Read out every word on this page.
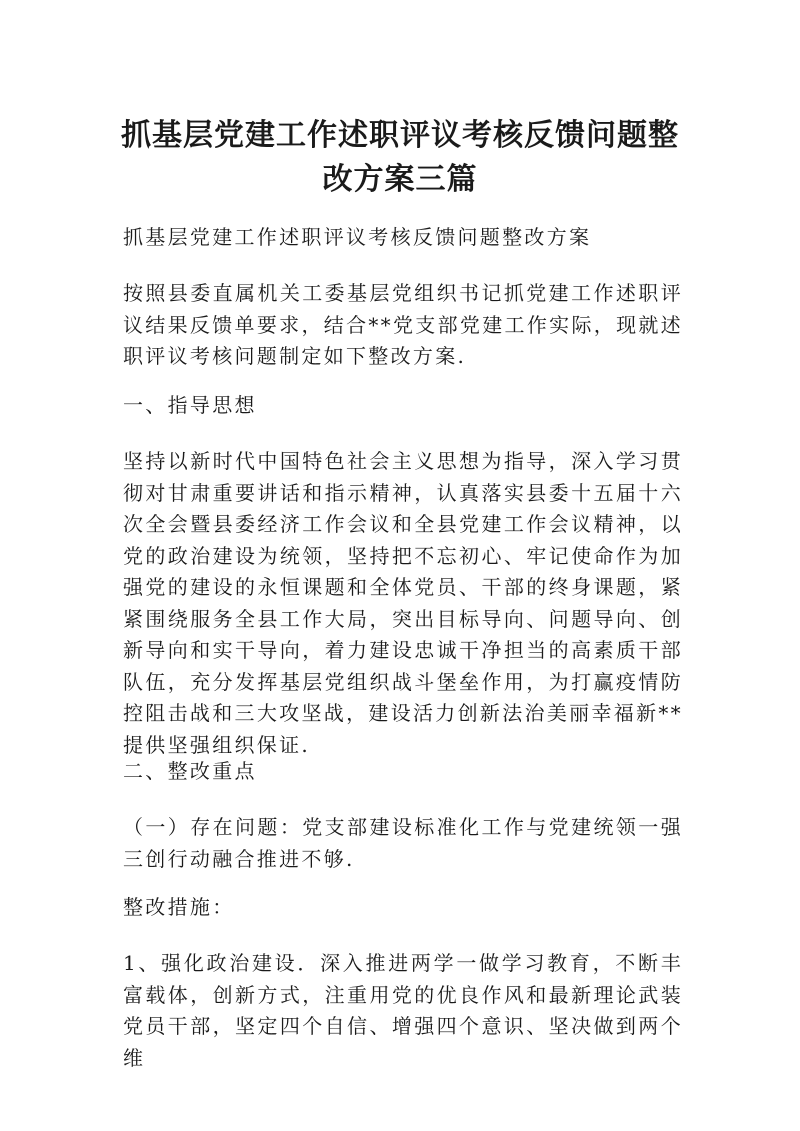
抓基层党建工作述职评议考核反馈问题整改方案三篇

抓基层党建工作述职评议考核反馈问题整改方案

按照县委直属机关工委基层党组织书记抓党建工作述职评议结果反馈单要求，结合**党支部党建工作实际，现就述职评议考核问题制定如下整改方案.

一、指导思想

坚持以新时代中国特色社会主义思想为指导，深入学习贯彻对甘肃重要讲话和指示精神，认真落实县委十五届十六次全会暨县委经济工作会议和全县党建工作会议精神，以党的政治建设为统领，坚持把不忘初心、牢记使命作为加强党的建设的永恒课题和全体党员、干部的终身课题，紧紧围绕服务全县工作大局，突出目标导向、问题导向、创新导向和实干导向，着力建设忠诚干净担当的高素质干部队伍，充分发挥基层党组织战斗堡垒作用，为打赢疫情防控阻击战和三大攻坚战，建设活力创新法治美丽幸福新**提供坚强组织保证.

二、整改重点

（一）存在问题：党支部建设标准化工作与党建统领一强三创行动融合推进不够.

整改措施：

1、强化政治建设．深入推进两学一做学习教育，不断丰富载体，创新方式，注重用党的优良作风和最新理论武装党员干部，坚定四个自信、增强四个意识、坚决做到两个维
